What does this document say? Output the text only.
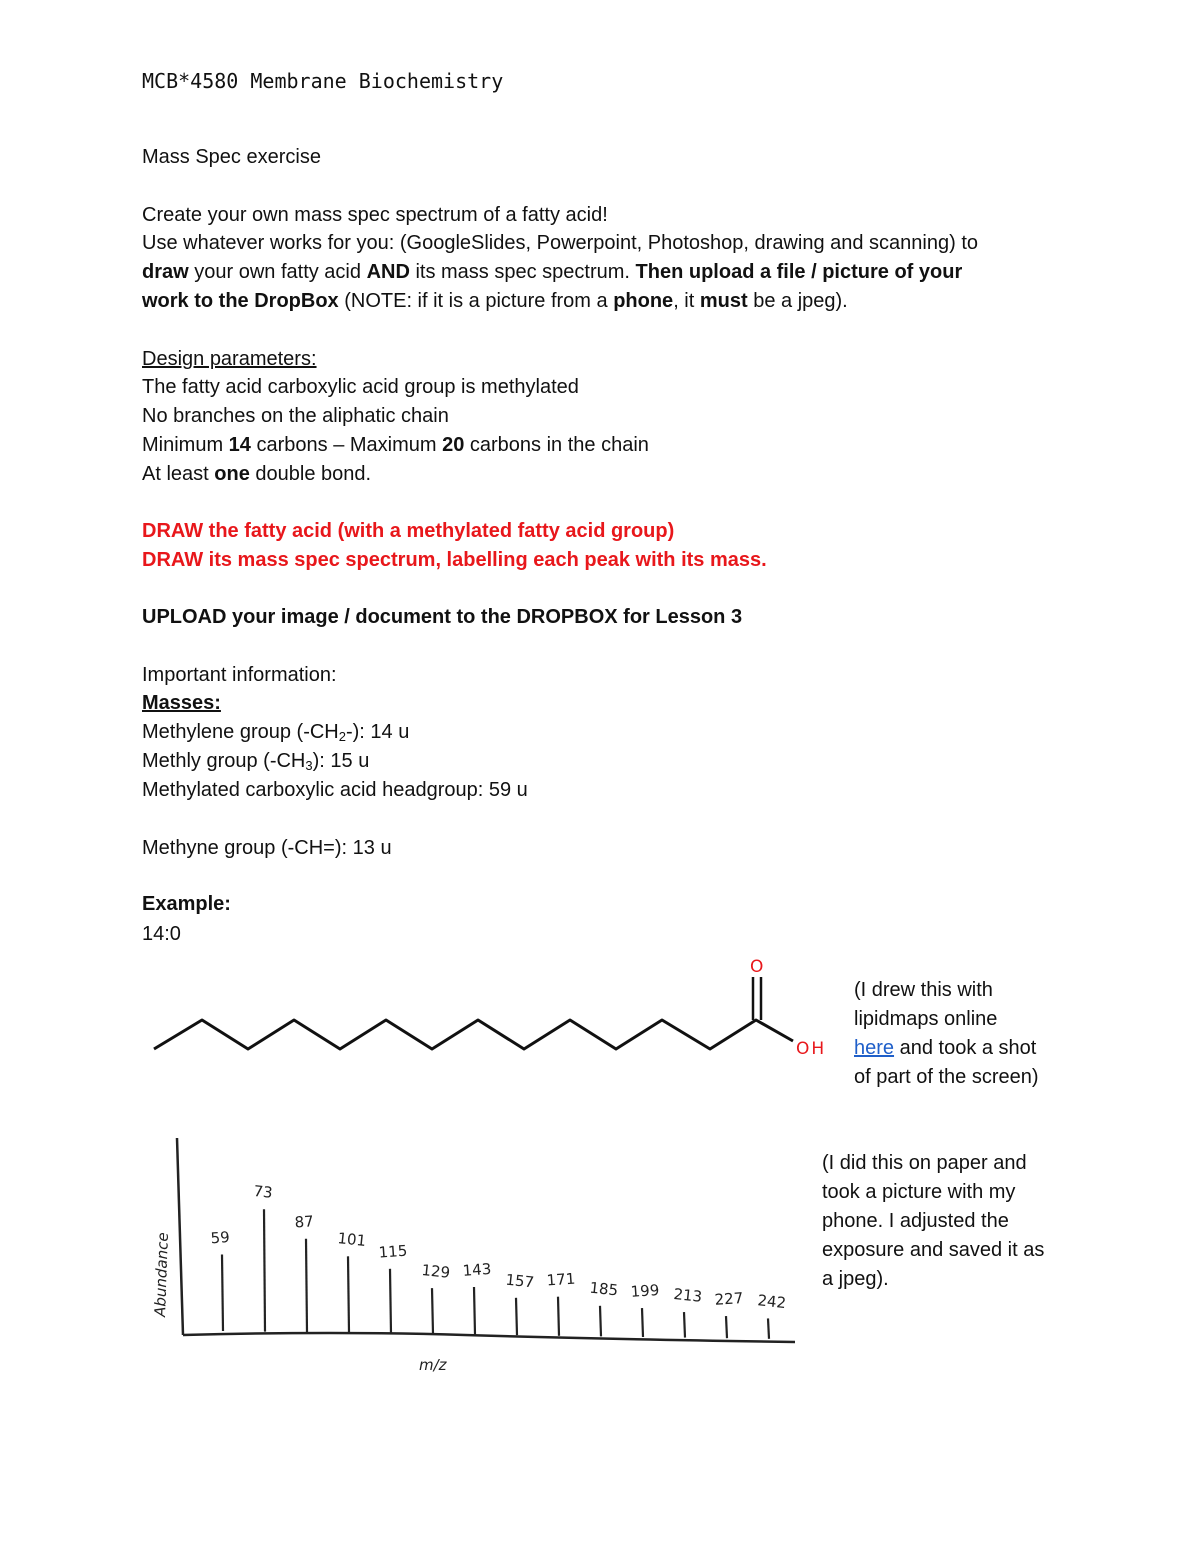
MCB*4580 Membrane Biochemistry
Mass Spec exercise
Create your own mass spec spectrum of a fatty acid!
Use whatever works for you: (GoogleSlides, Powerpoint, Photoshop, drawing and scanning) to
draw your own fatty acid AND its mass spec spectrum. Then upload a file / picture of your
work to the DropBox (NOTE: if it is a picture from a phone, it must be a jpeg).
Design parameters:
The fatty acid carboxylic acid group is methylated
No branches on the aliphatic chain
Minimum 14 carbons – Maximum 20 carbons in the chain
At least one double bond.
DRAW the fatty acid (with a methylated fatty acid group)
DRAW its mass spec spectrum, labelling each peak with its mass.
UPLOAD your image / document to the DROPBOX for Lesson 3
Important information:
Masses:
Methylene group $(-CH_2-)$: 14 u
Methly group $(-CH_3)$: 15 u
Methylated carboxylic acid headgroup: 59 u
Methyne group (-CH=): 13 u
Example:
14:0
O
OH
(I drew this with
lipidmaps online
here and took a shot
of part of the screen)
Abundance
m/z
59
73
87
101
115
129 143
157 171 185 199 213 227 242
(I did this on paper and
took a picture with my
phone. I adjusted the
exposure and saved it as
a jpeg).
